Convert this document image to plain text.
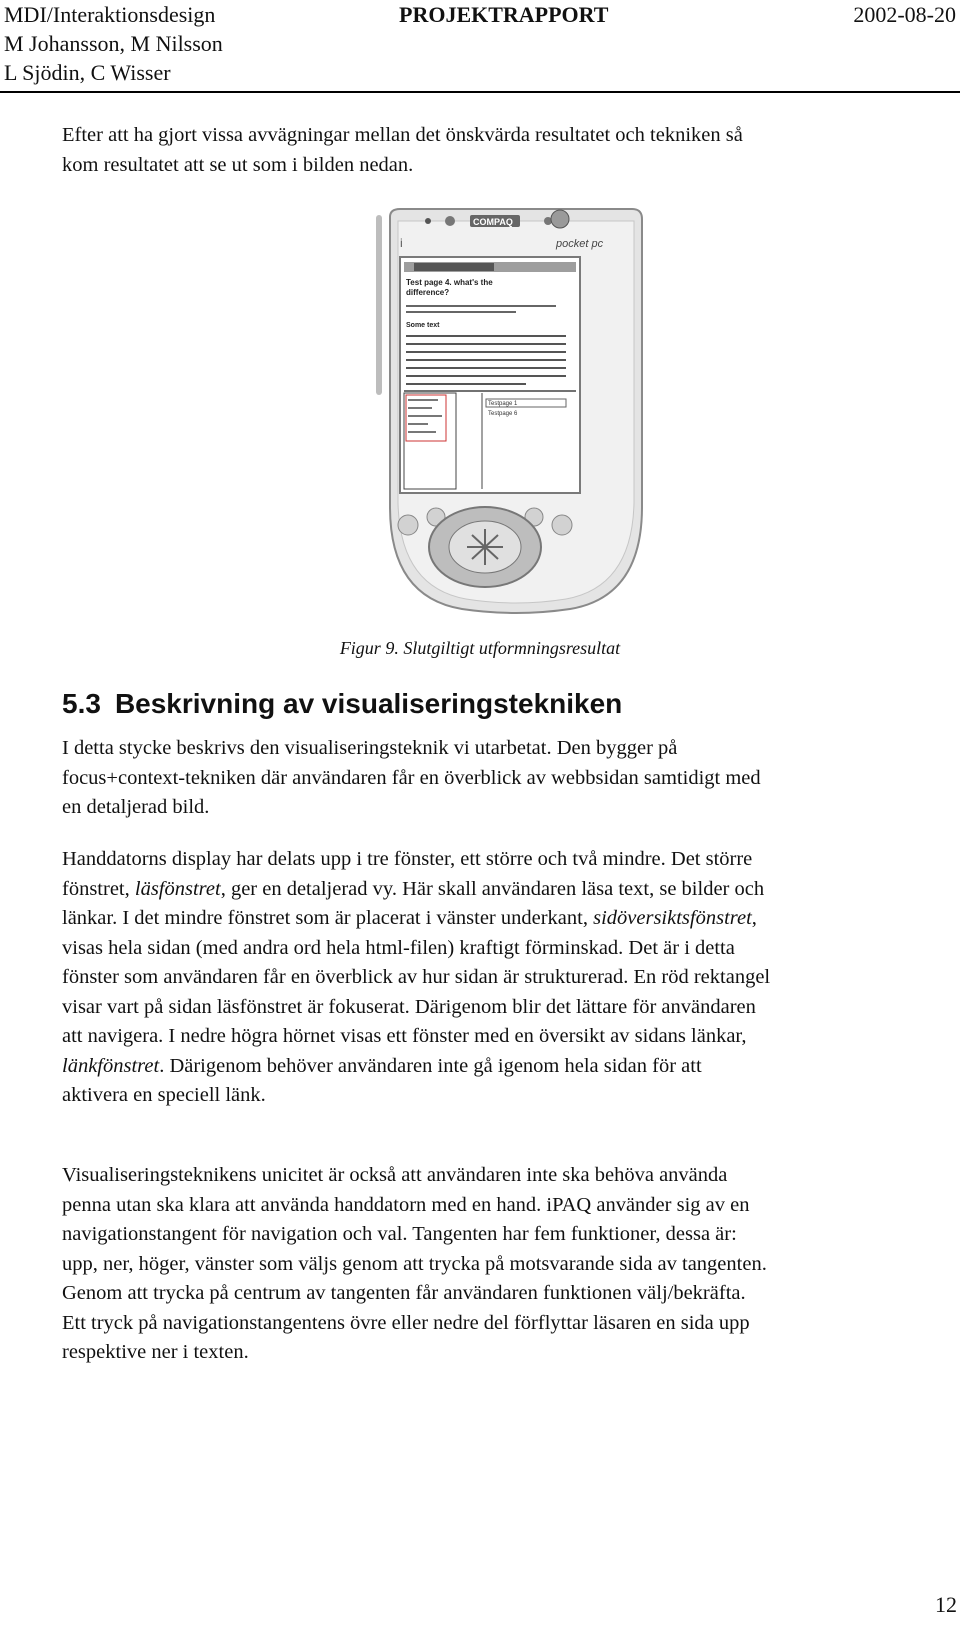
MDI/Interaktionsdesign	PROJEKTRAPPORT	2002-08-20
M Johansson, M Nilsson
L Sjödin, C Wisser
Efter att ha gjort vissa avvägningar mellan det önskvärda resultatet och tekniken så
kom resultatet att se ut som i bilden nedan.
COMPAQ
pocket pc
i
Test page 4. what's the
difference?
Some text
Testpage 1
Testpage 6
Figur 9. Slutgiltigt utformningsresultat
5.3 Beskrivning av visualiseringstekniken
I detta stycke beskrivs den visualiseringsteknik vi utarbetat. Den bygger på
focus+context-tekniken där användaren får en överblick av webbsidan samtidigt med
en detaljerad bild.
Handdatorns display har delats upp i tre fönster, ett större och två mindre. Det större
fönstret, läsfönstret, ger en detaljerad vy. Här skall användaren läsa text, se bilder och
länkar. I det mindre fönstret som är placerat i vänster underkant, sidöversiktsfönstret,
visas hela sidan (med andra ord hela html-filen) kraftigt förminskad. Det är i detta
fönster som användaren får en överblick av hur sidan är strukturerad. En röd rektangel
visar vart på sidan läsfönstret är fokuserat. Därigenom blir det lättare för användaren
att navigera. I nedre högra hörnet visas ett fönster med en översikt av sidans länkar,
länkfönstret. Därigenom behöver användaren inte gå igenom hela sidan för att
aktivera en speciell länk.
Visualiseringsteknikens unicitet är också att användaren inte ska behöva använda
penna utan ska klara att använda handdatorn med en hand. iPAQ använder sig av en
navigationstangent för navigation och val. Tangenten har fem funktioner, dessa är:
upp, ner, höger, vänster som väljs genom att trycka på motsvarande sida av tangenten.
Genom att trycka på centrum av tangenten får användaren funktionen välj/bekräfta.
Ett tryck på navigationstangentens övre eller nedre del förflyttar läsaren en sida upp
respektive ner i texten.
12
